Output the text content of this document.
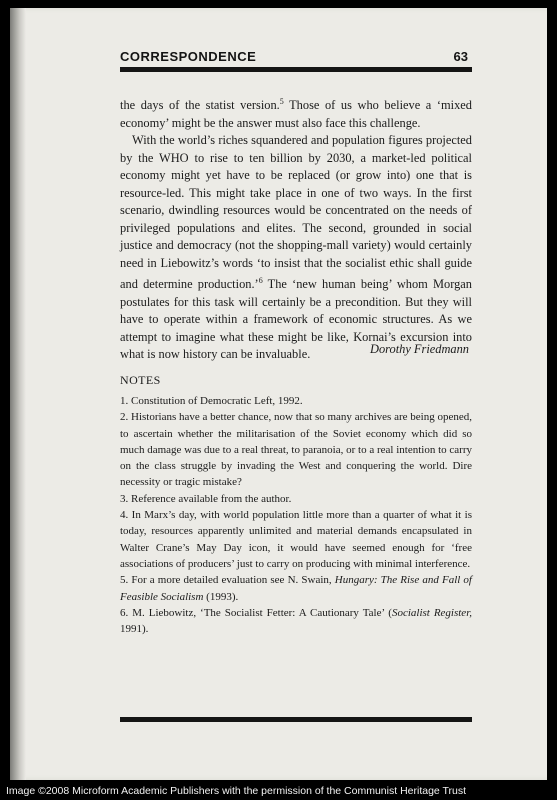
CORRESPONDENCE	63

the days of the statist version.$^5$ Those of us who believe a ‘mixed economy’ might be the answer must also face this challenge.

With the world’s riches squandered and population figures projected by the WHO to rise to ten billion by 2030, a market-led political economy might yet have to be replaced (or grow into) one that is resource-led. This might take place in one of two ways. In the first scenario, dwindling resources would be concentrated on the needs of privileged populations and elites. The second, grounded in social justice and democracy (not the shopping-mall variety) would certainly need in Liebowitz’s words ‘to insist that the socialist ethic shall guide and determine production.’$^6$ The ‘new human being’ whom Morgan postulates for this task will certainly be a precondition. But they will have to operate within a framework of economic structures. As we attempt to imagine what these might be like, Kornai’s excursion into what is now history can be invaluable.	Dorothy Friedmann
NOTES
1. Constitution of Democratic Left, 1992.
2. Historians have a better chance, now that so many archives are being opened, to ascertain whether the militarisation of the Soviet economy which did so much damage was due to a real threat, to paranoia, or to a real intention to carry on the class struggle by invading the West and conquering the world. Dire necessity or tragic mistake?
3. Reference available from the author.
4. In Marx’s day, with world population little more than a quarter of what it is today, resources apparently unlimited and material demands encapsulated in Walter Crane’s May Day icon, it would have seemed enough for ‘free associations of producers’ just to carry on producing with minimal interference.
5. For a more detailed evaluation see N. Swain, Hungary: The Rise and Fall of Feasible Socialism (1993).
6. M. Liebowitz, ‘The Socialist Fetter: A Cautionary Tale’ (Socialist Register, 1991).
Image ©2008 Microform Academic Publishers with the permission of the Communist Heritage Trust
